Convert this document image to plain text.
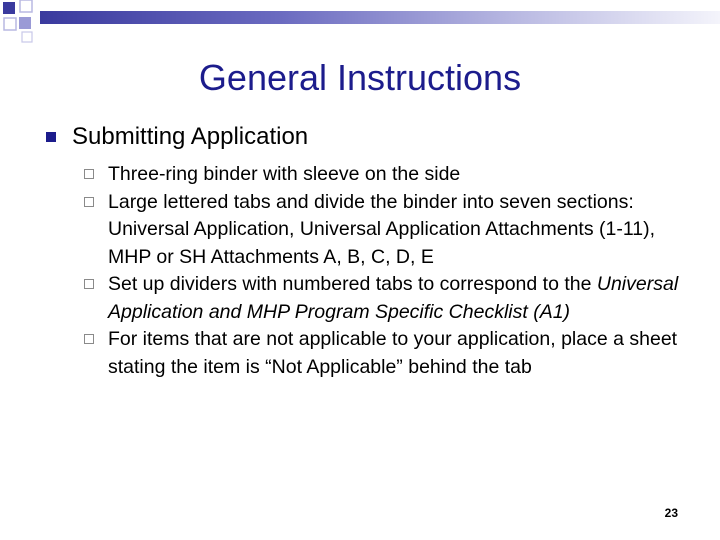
General Instructions
Submitting Application
Three-ring binder with sleeve on the side
Large lettered tabs and divide the binder into seven sections: Universal Application, Universal Application Attachments (1-11), MHP or SH Attachments A, B, C, D, E
Set up dividers with numbered tabs to correspond to the Universal Application and MHP Program Specific Checklist (A1)
For items that are not applicable to your application, place a sheet stating the item is “Not Applicable” behind the tab
23
